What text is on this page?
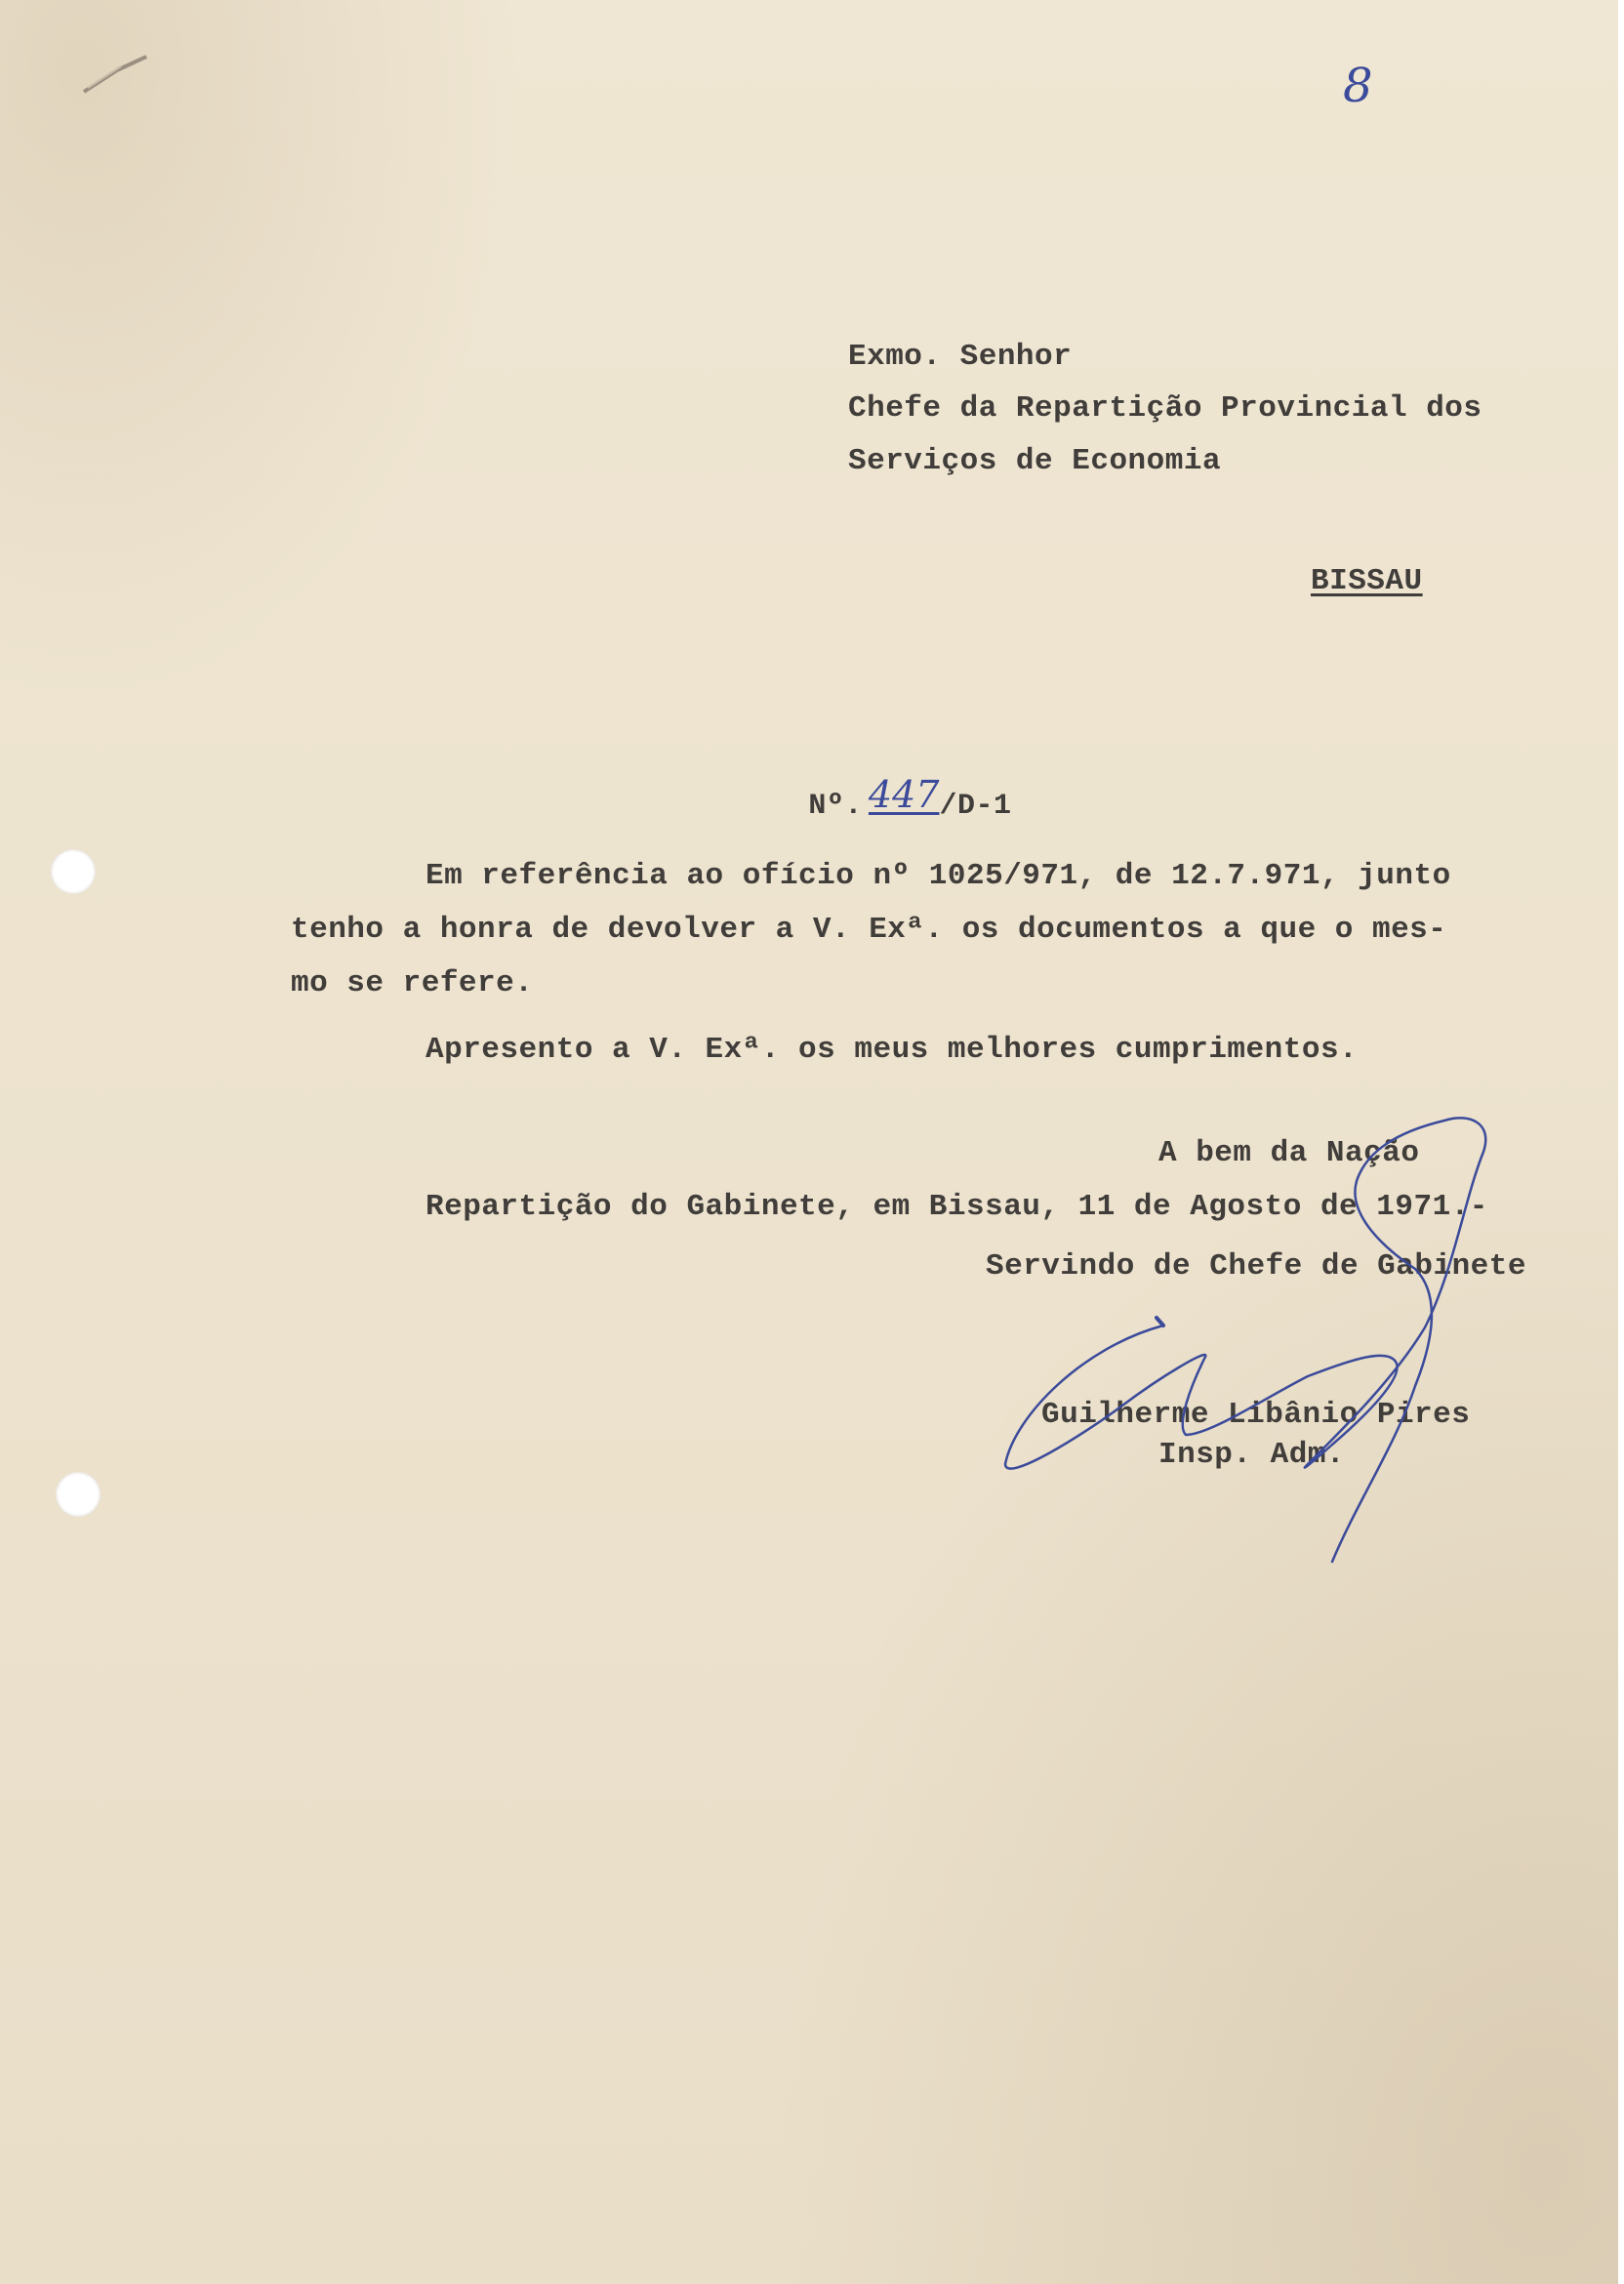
8
Exmo. Senhor
Chefe da Repartição Provincial dos
Serviços de Economia
BISSAU

Nº. 447/D-1

Em referência ao ofício nº 1025/971, de 12.7.971, junto
tenho a honra de devolver a V. Exª. os documentos a que o mes-
mo se refere.
Apresento a V. Exª. os meus melhores cumprimentos.
A bem da Nação
Repartição do Gabinete, em Bissau, 11 de Agosto de 1971.-
Servindo de Chefe de Gabinete
Guilherme Libânio Pires
Insp. Adm.
